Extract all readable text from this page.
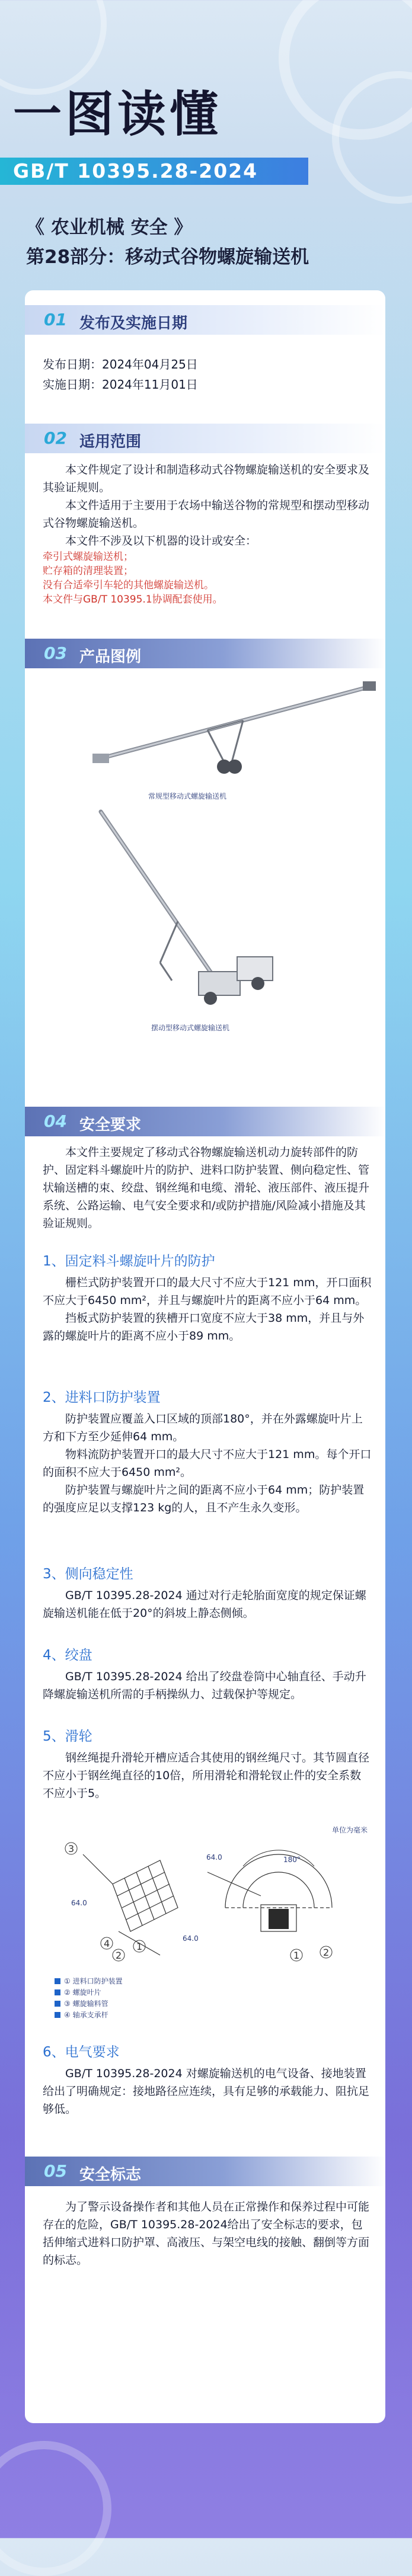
一图读懂
GB/T 10395.28-2024
《 农业机械 安全 》
第28部分：移动式谷物螺旋输送机
01 发布及实施日期
发布日期：2024年04月25日
实施日期：2024年11月01日
02 适用范围

本文件规定了设计和制造移动式谷物螺旋输送机的安全要求及其验证规则。

本文件适用于主要用于农场中输送谷物的常规型和摆动型移动式谷物螺旋输送机。

本文件不涉及以下机器的设计或安全：

牵引式螺旋输送机；
贮存箱的清理装置；
没有合适牵引车轮的其他螺旋输送机。
本文件与GB/T 10395.1协调配套使用。
03 产品图例
常规型移动式螺旋输送机
摆动型移动式螺旋输送机
04 安全要求

本文件主要规定了移动式谷物螺旋输送机动力旋转部件的防护、固定料斗螺旋叶片的防护、进料口防护装置、侧向稳定性、管状输送槽的束、绞盘、钢丝绳和电缆、滑轮、液压部件、液压提升系统、公路运输、电气安全要求和/或防护措施/风险减小措施及其验证规则。

1、固定料斗螺旋叶片的防护

栅栏式防护装置开口的最大尺寸不应大于121 mm，开口面积不应大于6450 mm²，并且与螺旋叶片的距离不应小于64 mm。

挡板式防护装置的狭槽开口宽度不应大于38 mm，并且与外露的螺旋叶片的距离不应小于89 mm。

2、进料口防护装置

防护装置应覆盖入口区域的顶部180°，并在外露螺旋叶片上方和下方至少延伸64 mm。

物料流防护装置开口的最大尺寸不应大于121 mm。每个开口的面积不应大于6450 mm²。

防护装置与螺旋叶片之间的距离不应小于64 mm；防护装置的强度应足以支撑123 kg的人，且不产生永久变形。

3、侧向稳定性

GB/T 10395.28-2024 通过对行走轮胎面宽度的规定保证螺旋输送机能在低于20°的斜坡上静态侧倾。

4、绞盘

GB/T 10395.28-2024 给出了绞盘卷筒中心轴直径、手动升降螺旋输送机所需的手柄操纵力、过载保护等规定。

5、滑轮

钢丝绳提升滑轮开槽应适合其使用的钢丝绳尺寸。其节圆直径不应小于钢丝绳直径的10倍，所用滑轮和滑轮钗止件的安全系数不应小于5。

单位为毫米
3
4	1
2	1 2
64.0
64.0
64.0	180°
① 进料口防护装置
② 螺旋叶片
③ 螺旋输料管
④ 轴承支承杆
6、电气要求

GB/T 10395.28-2024 对螺旋输送机的电气设备、接地装置给出了明确规定：接地路径应连续，具有足够的承载能力、阻抗足够低。

05 安全标志

为了警示设备操作者和其他人员在正常操作和保养过程中可能存在的危险，GB/T 10395.28-2024给出了安全标志的要求，包括伸缩式进料口防护罩、高液压、与架空电线的接触、翻倒等方面的标志。
